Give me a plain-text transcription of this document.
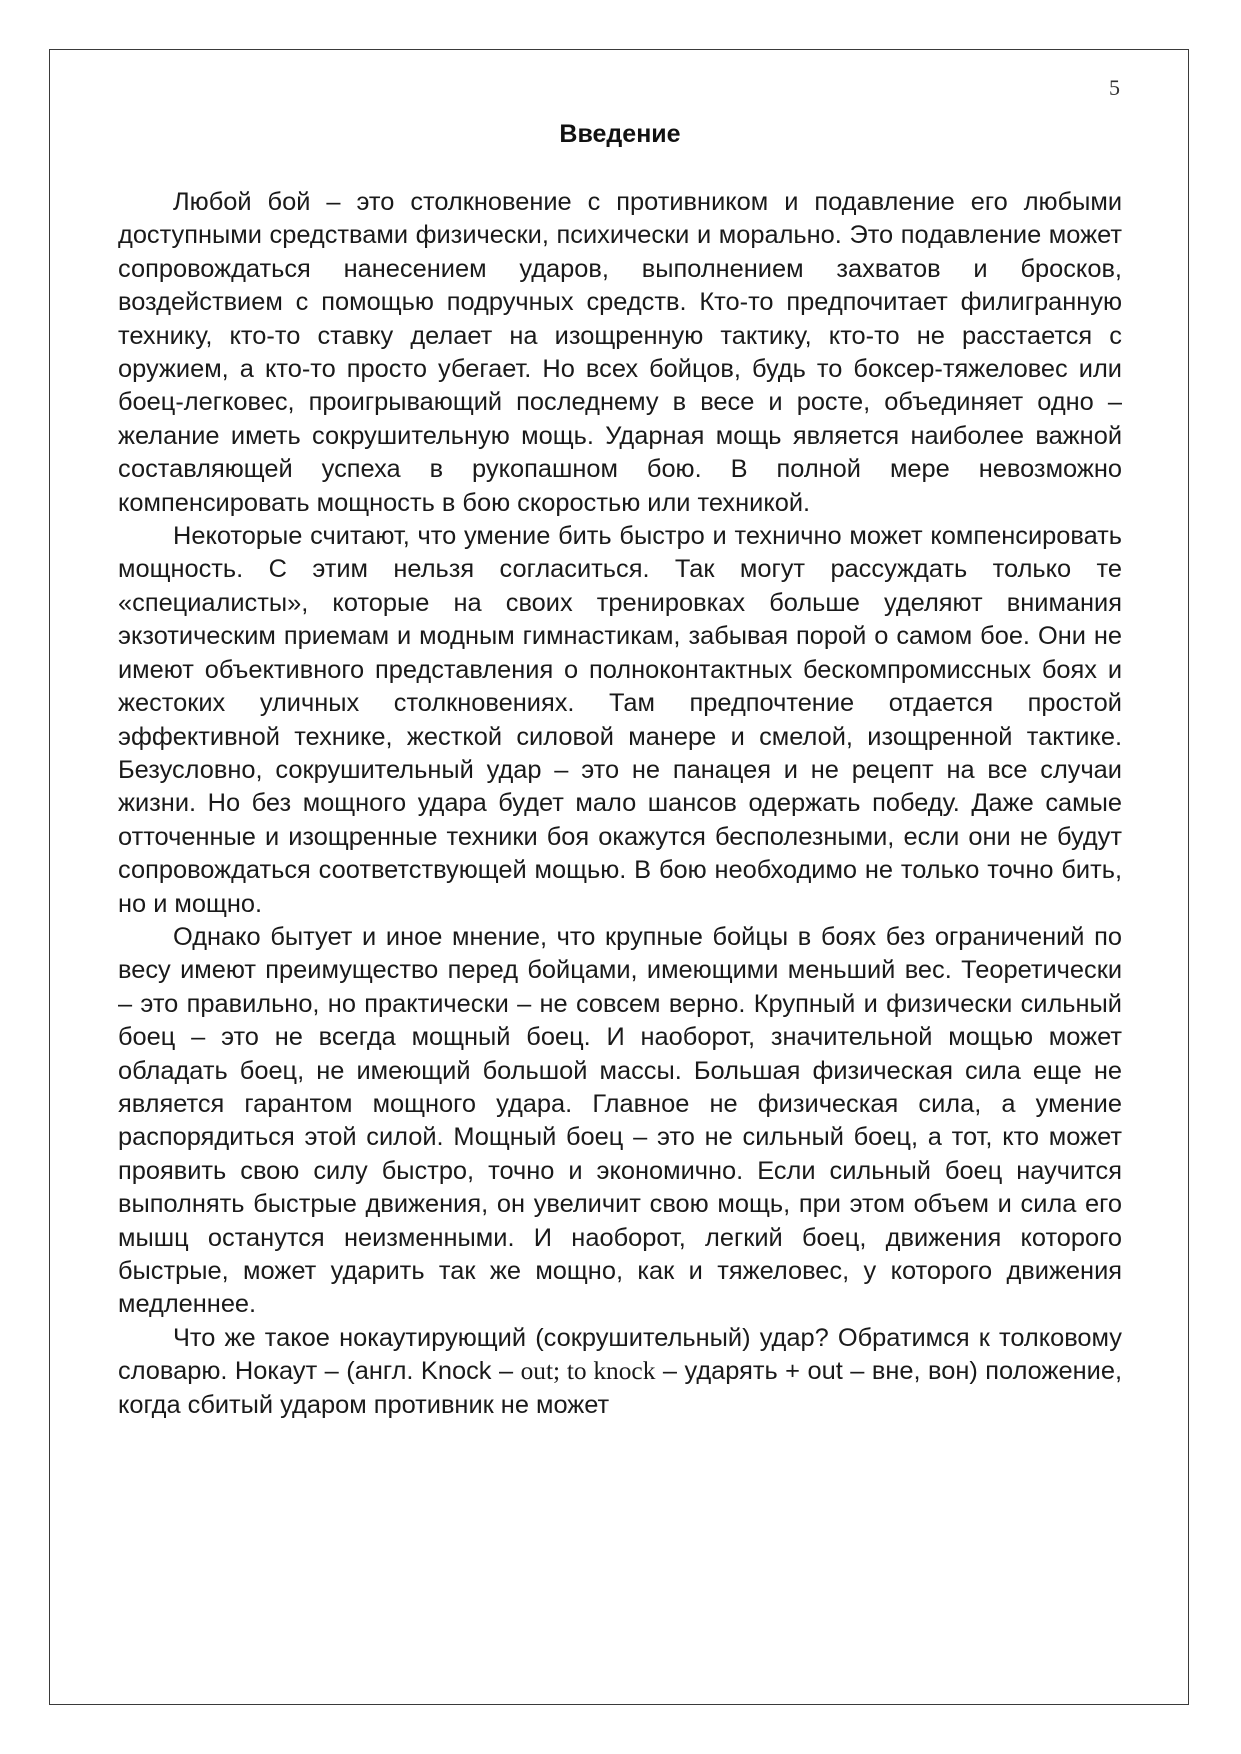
5
Введение

Любой бой – это столкновение с противником и подавление его любыми доступными средствами физически, психически и морально. Это подавление может сопровождаться нанесением ударов, выполнением захватов и бросков, воздействием с помощью подручных средств. Кто-то предпочитает филигранную технику, кто-то ставку делает на изощренную тактику, кто-то не расстается с оружием, а кто-то просто убегает. Но всех бойцов, будь то боксер-тяжеловес или боец-легковес, проигрывающий последнему в весе и росте, объединяет одно – желание иметь сокрушительную мощь. Ударная мощь является наиболее важной составляющей успеха в рукопашном бою. В полной мере невозможно компенсировать мощность в бою скоростью или техникой.

Некоторые считают, что умение бить быстро и технично может компенсировать мощность. С этим нельзя согласиться. Так могут рассуждать только те «специалисты», которые на своих тренировках больше уделяют внимания экзотическим приемам и модным гимнастикам, забывая порой о самом бое. Они не имеют объективного представления о полноконтактных бескомпромиссных боях и жестоких уличных столкновениях. Там предпочтение отдается простой эффективной технике, жесткой силовой манере и смелой, изощренной тактике. Безусловно, сокрушительный удар – это не панацея и не рецепт на все случаи жизни. Но без мощного удара будет мало шансов одержать победу. Даже самые отточенные и изощренные техники боя окажутся бесполезными, если они не будут сопровождаться соответствующей мощью. В бою необходимо не только точно бить, но и мощно.

Однако бытует и иное мнение, что крупные бойцы в боях без ограничений по весу имеют преимущество перед бойцами, имеющими меньший вес. Теоретически – это правильно, но практически – не совсем верно. Крупный и физически сильный боец – это не всегда мощный боец. И наоборот, значительной мощью может обладать боец, не имеющий большой массы. Большая физическая сила еще не является гарантом мощного удара. Главное не физическая сила, а умение распорядиться этой силой. Мощный боец – это не сильный боец, а тот, кто может проявить свою силу быстро, точно и экономично. Если сильный боец научится выполнять быстрые движения, он увеличит свою мощь, при этом объем и сила его мышц останутся неизменными. И наоборот, легкий боец, движения которого быстрые, может ударить так же мощно, как и тяжеловес, у которого движения медленнее.

Что же такое нокаутирующий (сокрушительный) удар? Обратимся к толковому словарю. Нокаут – (англ. Knock – out; to knock – ударять + out – вне, вон) положение, когда сбитый ударом противник не может
